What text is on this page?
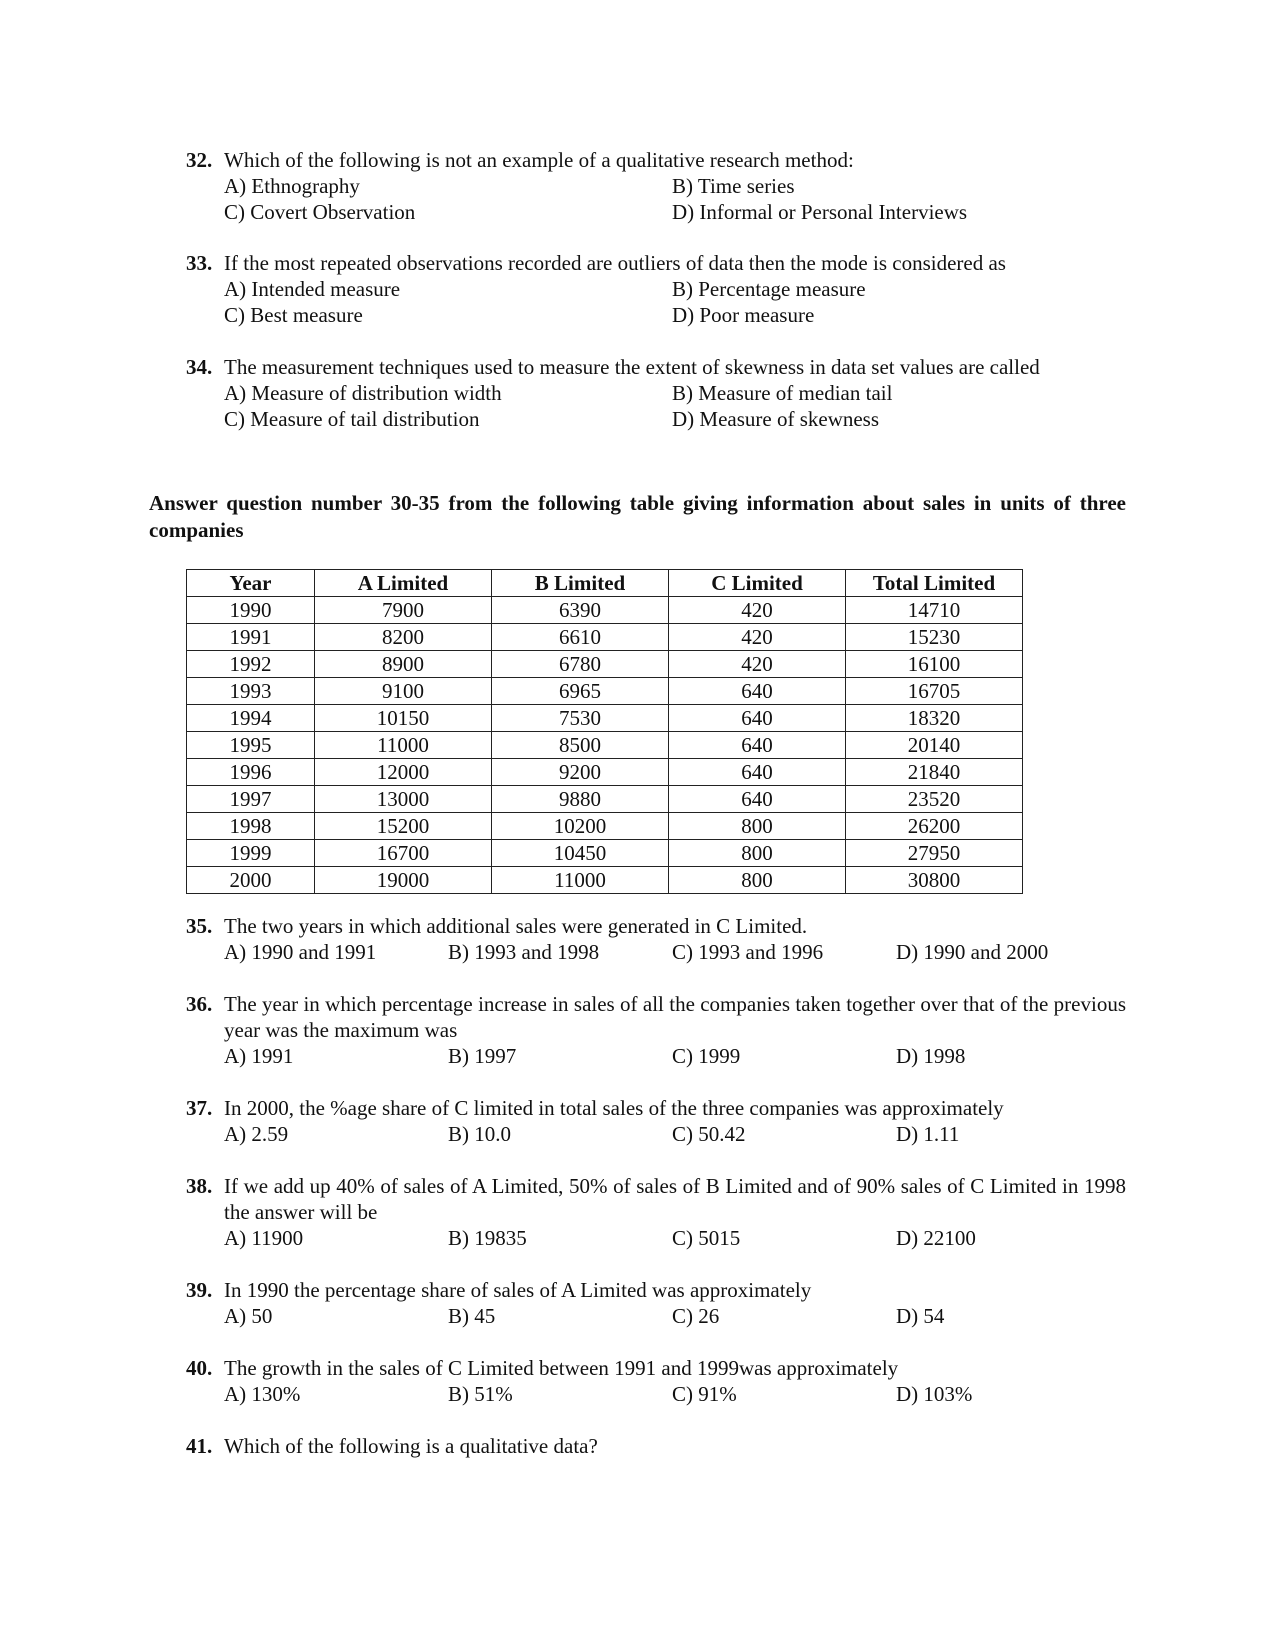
32. Which of the following is not an example of a qualitative research method:
A) Ethnography	B) Time series
C) Covert Observation	D) Informal or Personal Interviews
33. If the most repeated observations recorded are outliers of data then the mode is considered as
A) Intended measure	B) Percentage measure
C) Best measure	D) Poor measure
34. The measurement techniques used to measure the extent of skewness in data set values are called
A) Measure of distribution width	B) Measure of median tail
C) Measure of tail distribution	D) Measure of skewness
Answer question number 30-35 from the following table giving information about sales in units of three companies
Year	A Limited	B Limited	C Limited	Total Limited
1990	7900	6390	420	14710
1991	8200	6610	420	15230
1992	8900	6780	420	16100
1993	9100	6965	640	16705
1994	10150	7530	640	18320
1995	11000	8500	640	20140
1996	12000	9200	640	21840
1997	13000	9880	640	23520
1998	15200	10200	800	26200
1999	16700	10450	800	27950
2000	19000	11000	800	30800
35. The two years in which additional sales were generated in C Limited.
A) 1990 and 1991	B) 1993 and 1998	C) 1993 and 1996	D) 1990 and 2000
36. The year in which percentage increase in sales of all the companies taken together over that of the previous year was the maximum was
A) 1991	B) 1997	C) 1999	D) 1998
37. In 2000, the %age share of C limited in total sales of the three companies was approximately
A) 2.59	B) 10.0	C) 50.42	D) 1.11
38. If we add up 40% of sales of A Limited, 50% of sales of B Limited and of 90% sales of C Limited in 1998 the answer will be
A) 11900	B) 19835	C) 5015	D) 22100
39. In 1990 the percentage share of sales of A Limited was approximately
A) 50	B) 45	C) 26	D) 54
40. The growth in the sales of C Limited between 1991 and 1999was approximately
A) 130%	B) 51%	C) 91%	D) 103%
41. Which of the following is a qualitative data?
